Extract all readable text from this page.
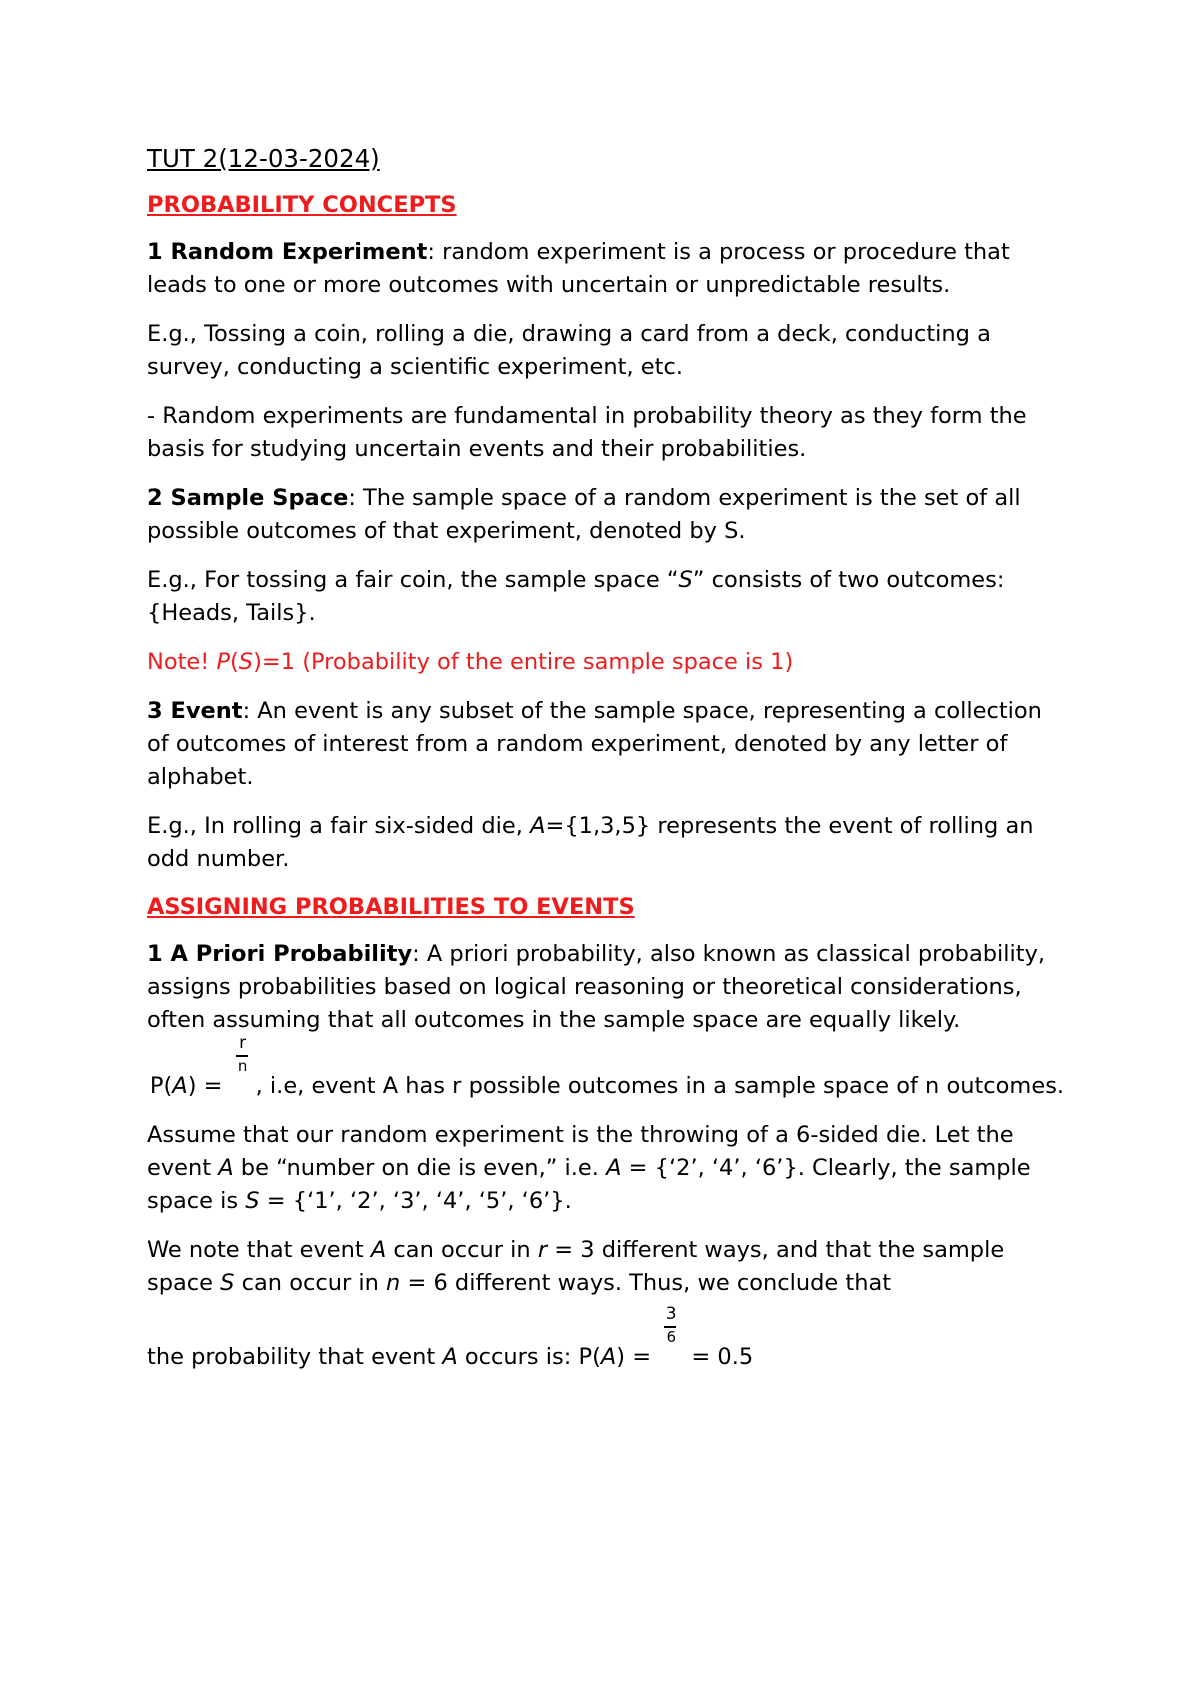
TUT 2(12-03-2024)
PROBABILITY CONCEPTS

1 Random Experiment: random experiment is a process or procedure that leads to one or more outcomes with uncertain or unpredictable results.

E.g., Tossing a coin, rolling a die, drawing a card from a deck, conducting a survey, conducting a scientific experiment, etc.

- Random experiments are fundamental in probability theory as they form the basis for studying uncertain events and their probabilities.

2 Sample Space: The sample space of a random experiment is the set of all possible outcomes of that experiment, denoted by S.

E.g., For tossing a fair coin, the sample space “S” consists of two outcomes: {Heads, Tails}.

Note! P(S)=1 (Probability of the entire sample space is 1)

3 Event: An event is any subset of the sample space, representing a collection of outcomes of interest from a random experiment, denoted by any letter of alphabet.

E.g., In rolling a fair six-sided die, A={1,3,5} represents the event of rolling an odd number.

ASSIGNING PROBABILITIES TO EVENTS

1 A Priori Probability: A priori probability, also known as classical probability, assigns probabilities based on logical reasoning or theoretical considerations, often assuming that all outcomes in the sample space are equally likely.

$P(A) = \frac{r}{n}$ , i.e, event A has r possible outcomes in a sample space of n outcomes.

Assume that our random experiment is the throwing of a 6-sided die. Let the event A be “number on die is even,” i.e. A = {‘2’, ‘4’, ‘6’}. Clearly, the sample space is S = {‘1’, ‘2’, ‘3’, ‘4’, ‘5’, ‘6’}.

We note that event A can occur in r = 3 different ways, and that the sample space S can occur in n = 6 different ways. Thus, we conclude that

the probability that event A occurs is: $P(A) = \frac{3}{6} = 0.5$
